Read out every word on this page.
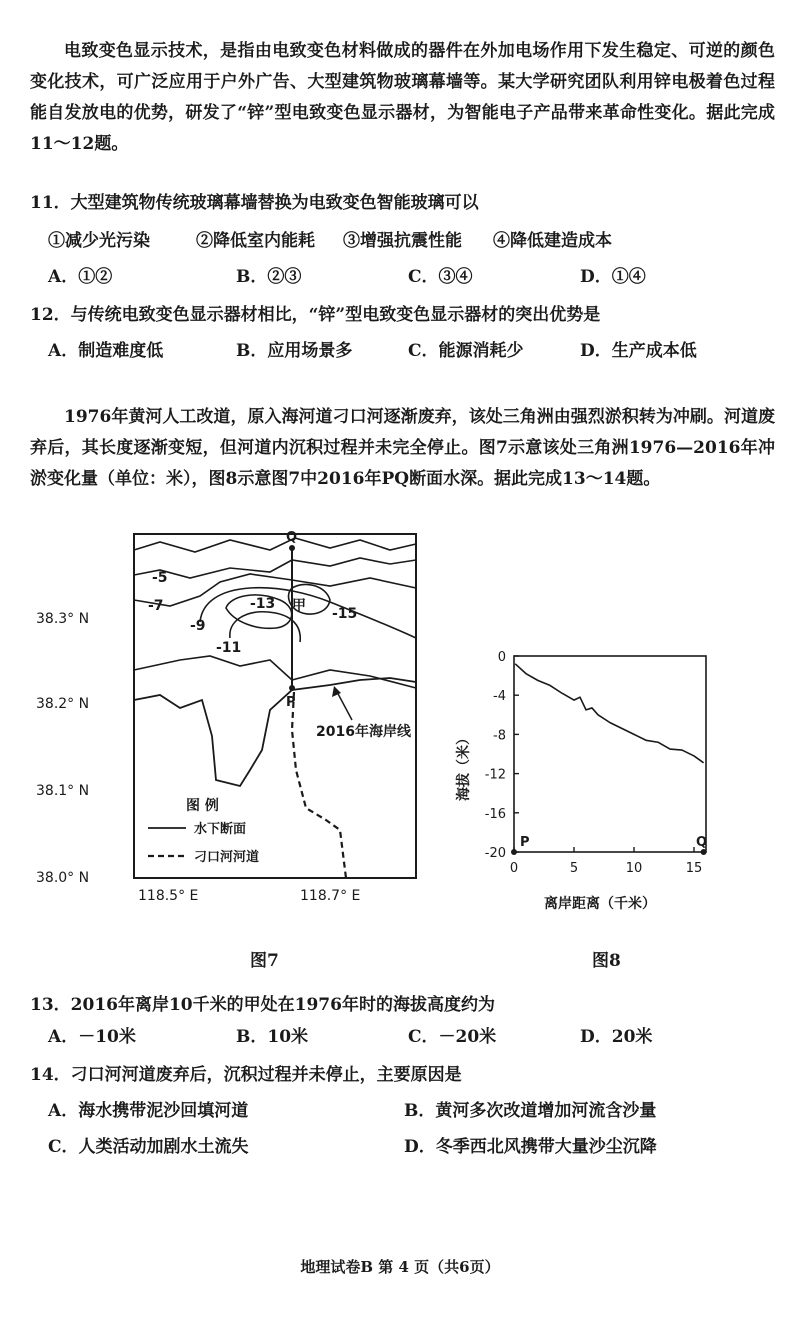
电致变色显示技术，是指由电致变色材料做成的器件在外加电场作用下发生稳定、可逆的颜色变化技术，可广泛应用于户外广告、大型建筑物玻璃幕墙等。某大学研究团队利用锌电极着色过程能自发放电的优势，研发了“锌”型电致变色显示器材，为智能电子产品带来革命性变化。据此完成11～12题。
11．大型建筑物传统玻璃幕墙替换为电致变色智能玻璃可以
①减少光污染	②降低室内能耗 ③增强抗震性能 ④降低建造成本
A．①②	B．②③	C．③④	D．①④
12．与传统电致变色显示器材相比，“锌”型电致变色显示器材的突出优势是
A．制造难度低	B．应用场景多	C．能源消耗少	D．生产成本低
1976年黄河人工改道，原入海河道刁口河逐渐废弃，该处三角洲由强烈淤积转为冲刷。河道废弃后，其长度逐渐变短，但河道内沉积过程并未完全停止。图7示意该处三角洲1976—2016年冲淤变化量（单位：米），图8示意图7中2016年PQ断面水深。据此完成13～14题。
38.3° N
38.2° N
38.1° N
38.0° N
118.5° E	118.7° E
Q
P
甲
-5
-7
-9
-11
-13
-15
2016年海岸线
图 例
水下断面
刁口河河道
图7
0
-4
-8
-12
-16
-20
0	5	10	15
海拔（米）
离岸距离（千米）
P	Q
图8
13．2016年离岸10千米的甲处在1976年时的海拔高度约为
A．－10米	B．10米	C．－20米	D．20米
14．刁口河河道废弃后，沉积过程并未停止，主要原因是
A．海水携带泥沙回填河道	B．黄河多次改道增加河流含沙量
C．人类活动加剧水土流失	D．冬季西北风携带大量沙尘沉降
地理试卷B 第 4 页（共6页）
